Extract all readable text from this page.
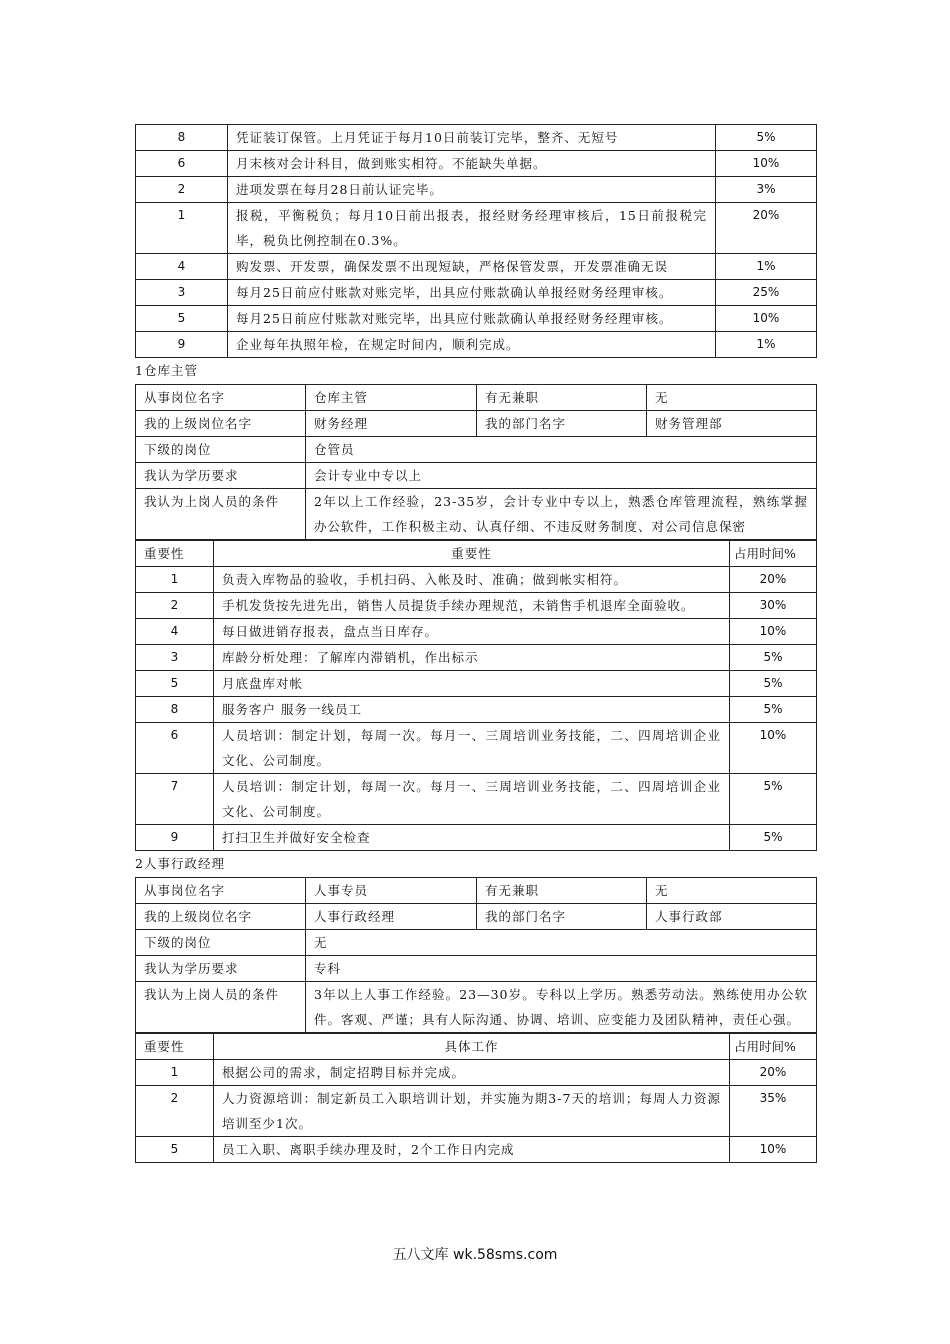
8	凭证装订保管。上月凭证于每月10日前装订完毕，整齐、无短号	5%
6	月末核对会计科目，做到账实相符。不能缺失单据。	10%
2	进项发票在每月28日前认证完毕。	3%
1	报税，平衡税负；每月10日前出报表，报经财务经理审核后，15日前报税完毕，税负比例控制在0.3%。	20%
4	购发票、开发票，确保发票不出现短缺，严格保管发票，开发票准确无误	1%
3	每月25日前应付账款对账完毕，出具应付账款确认单报经财务经理审核。	25%
5	每月25日前应付账款对账完毕，出具应付账款确认单报经财务经理审核。	10%
9	企业每年执照年检，在规定时间内，顺利完成。	1%
1仓库主管
从事岗位名字	仓库主管	有无兼职	无
我的上级岗位名字	财务经理	我的部门名字	财务管理部
下级的岗位	仓管员		
我认为学历要求	会计专业中专以上		
我认为上岗人员的条件	2年以上工作经验，23-35岁，会计专业中专以上，熟悉仓库管理流程，熟练掌握办公软件，工作积极主动、认真仔细、不违反财务制度、对公司信息保密		
重要性	重要性	占用时间%
1	负责入库物品的验收，手机扫码、入帐及时、准确；做到帐实相符。	20%
2	手机发货按先进先出，销售人员提货手续办理规范，未销售手机退库全面验收。	30%
4	每日做进销存报表，盘点当日库存。	10%
3	库龄分析处理：了解库内滞销机，作出标示	5%
5	月底盘库对帐	5%
8	服务客户 服务一线员工	5%
6	人员培训：制定计划，每周一次。每月一、三周培训业务技能，二、四周培训企业文化、公司制度。	10%
7	人员培训：制定计划，每周一次。每月一、三周培训业务技能，二、四周培训企业文化、公司制度。	5%
9	打扫卫生并做好安全检查	5%
2人事行政经理
从事岗位名字	人事专员	有无兼职	无
我的上级岗位名字	人事行政经理	我的部门名字	人事行政部
下级的岗位	无		
我认为学历要求	专科		
我认为上岗人员的条件	3年以上人事工作经验。23—30岁。专科以上学历。熟悉劳动法。熟练使用办公软件。客观、严谨；具有人际沟通、协调、培训、应变能力及团队精神，责任心强。		
重要性	具体工作	占用时间%
1	根据公司的需求，制定招聘目标并完成。	20%
2	人力资源培训：制定新员工入职培训计划，并实施为期3-7天的培训；每周人力资源培训至少1次。	35%
5	员工入职、离职手续办理及时，2个工作日内完成	10%
五八文库 wk.58sms.com
